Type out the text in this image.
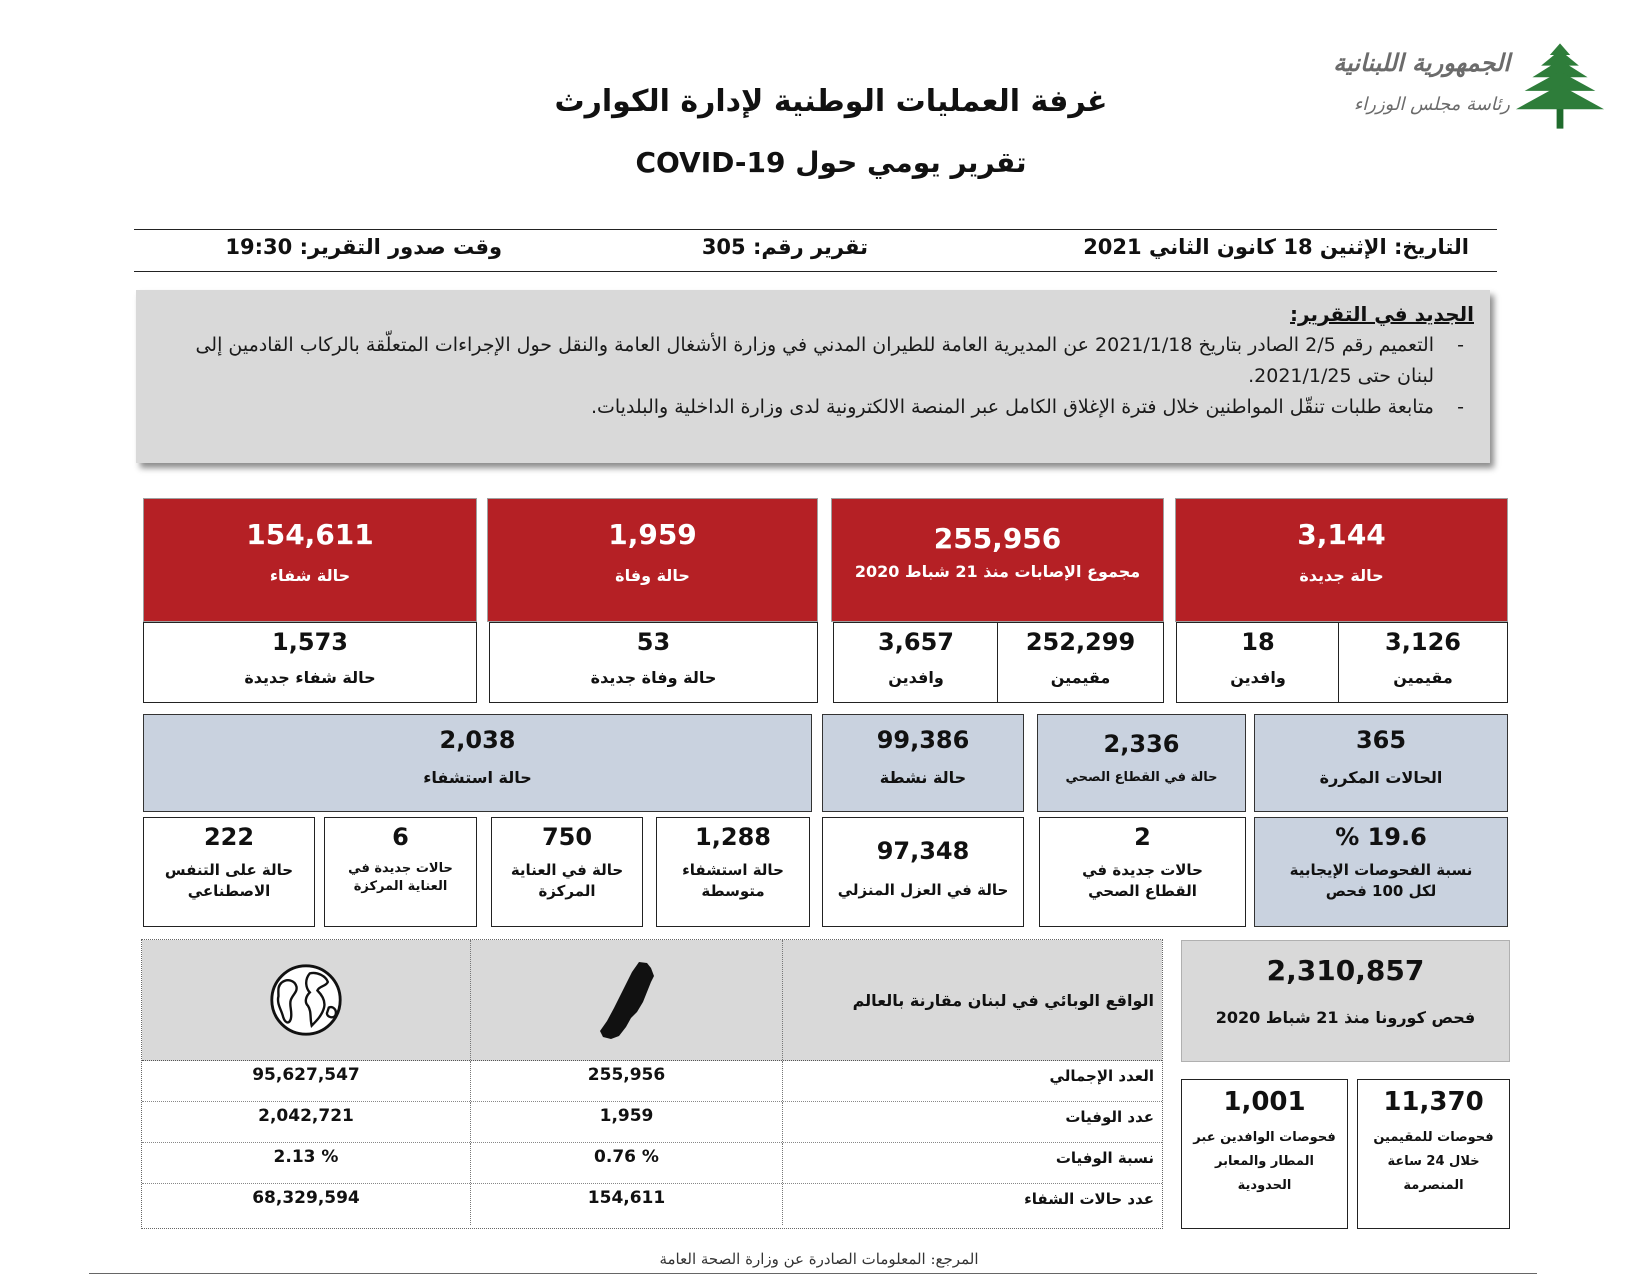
الجمهورية اللبنانية
رئاسة مجلس الوزراء
غرفة العمليات الوطنية لإدارة الكوارث
تقرير يومي حول COVID-19
التاريخ: الإثنين 18 كانون الثاني 2021
تقرير رقم: 305
وقت صدور التقرير: 19:30
الجديد في التقرير:
- التعميم رقم 2/5 الصادر بتاريخ 2021/1/18 عن المديرية العامة للطيران المدني في وزارة الأشغال العامة والنقل حول الإجراءات المتعلّقة بالركاب القادمين إلى لبنان حتى 2021/1/25.
- متابعة طلبات تنقّل المواطنين خلال فترة الإغلاق الكامل عبر المنصة الالكترونية لدى وزارة الداخلية والبلديات.
154,611
حالة شفاء
1,959
حالة وفاة
255,956
مجموع الإصابات منذ 21 شباط 2020
3,144
حالة جديدة
1,573
حالة شفاء جديدة
53
حالة وفاة جديدة
3,657
وافدين
252,299
مقيمين
18
وافدين
3,126
مقيمين
2,038
حالة استشفاء
99,386
حالة نشطة
2,336
حالة في القطاع الصحي
365
الحالات المكررة
222
حالة على التنفس
الاصطناعي
6
حالات جديدة في
العناية المركزة
750
حالة في العناية
المركزة
1,288
حالة استشفاء
متوسطة
97,348
حالة في العزل المنزلي
2
حالات جديدة في
القطاع الصحي
19.6 %
نسبة الفحوصات الإيجابية
لكل 100 فحص
الواقع الوبائي في لبنان مقارنة بالعالم
95,627,547	255,956	العدد الإجمالي
2,042,721	1,959	عدد الوفيات
2.13 %	0.76 %	نسبة الوفيات
68,329,594	154,611	عدد حالات الشفاء
2,310,857
فحص كورونا منذ 21 شباط 2020
1,001
فحوصات الوافدين عبر
المطار والمعابر
الحدودية
11,370
فحوصات للمقيمين
خلال 24 ساعة
المنصرمة
المرجع: المعلومات الصادرة عن وزارة الصحة العامة
